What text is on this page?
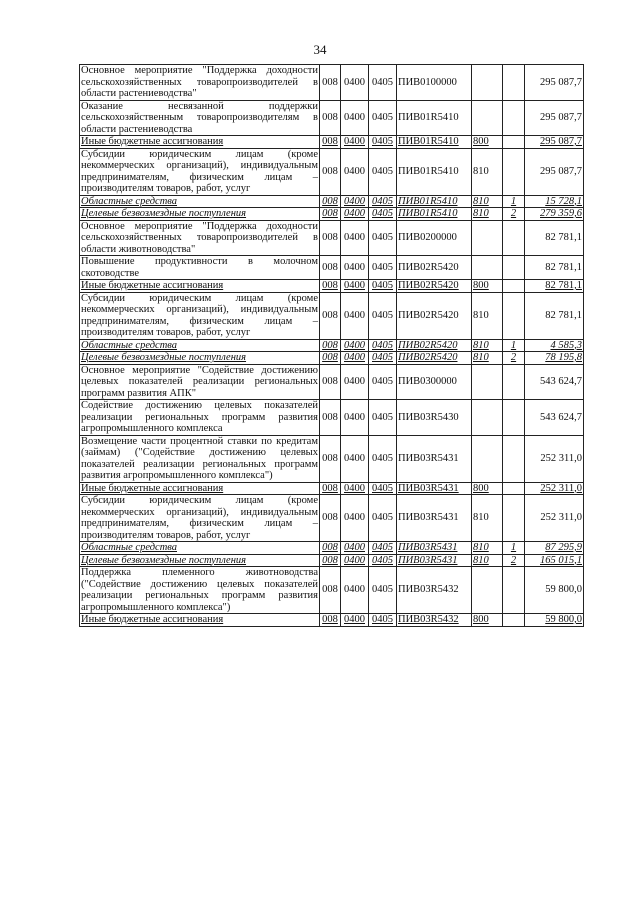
34
Основное мероприятие "Поддержка доходности сельскохозяйственных товаропроизводителей в области растениеводства"	008	0400	0405	ПИВ0100000			295 087,7
Оказание несвязанной поддержки сельскохозяйственным товаропроизводителям в области растениеводства	008	0400	0405	ПИВ01R5410			295 087,7
Иные бюджетные ассигнования	008	0400	0405	ПИВ01R5410	800		295 087,7
Субсидии юридическим лицам (кроме некоммерческих организаций), индивидуальным предпринимателям, физическим лицам – производителям товаров, работ, услуг	008	0400	0405	ПИВ01R5410	810		295 087,7
Областные средства	008	0400	0405	ПИВ01R5410	810	1	15 728,1
Целевые безвозмездные поступления	008	0400	0405	ПИВ01R5410	810	2	279 359,6
Основное мероприятие "Поддержка доходности сельскохозяйственных товаропроизводителей в области животноводства"	008	0400	0405	ПИВ0200000			82 781,1
Повышение продуктивности в молочном скотоводстве	008	0400	0405	ПИВ02R5420			82 781,1
Иные бюджетные ассигнования	008	0400	0405	ПИВ02R5420	800		82 781,1
Субсидии юридическим лицам (кроме некоммерческих организаций), индивидуальным предпринимателям, физическим лицам – производителям товаров, работ, услуг	008	0400	0405	ПИВ02R5420	810		82 781,1
Областные средства	008	0400	0405	ПИВ02R5420	810	1	4 585,3
Целевые безвозмездные поступления	008	0400	0405	ПИВ02R5420	810	2	78 195,8
Основное мероприятие "Содействие достижению целевых показателей реализации региональных программ развития АПК"	008	0400	0405	ПИВ0300000			543 624,7
Содействие достижению целевых показателей реализации региональных программ развития агропромышленного комплекса	008	0400	0405	ПИВ03R5430			543 624,7
Возмещение части процентной ставки по кредитам (займам) ("Содействие достижению целевых показателей реализации региональных программ развития агропромышленного комплекса")	008	0400	0405	ПИВ03R5431			252 311,0
Иные бюджетные ассигнования	008	0400	0405	ПИВ03R5431	800		252 311,0
Субсидии юридическим лицам (кроме некоммерческих организаций), индивидуальным предпринимателям, физическим лицам – производителям товаров, работ, услуг	008	0400	0405	ПИВ03R5431	810		252 311,0
Областные средства	008	0400	0405	ПИВ03R5431	810	1	87 295,9
Целевые безвозмездные поступления	008	0400	0405	ПИВ03R5431	810	2	165 015,1
Поддержка племенного животноводства ("Содействие достижению целевых показателей реализации региональных программ развития агропромышленного комплекса")	008	0400	0405	ПИВ03R5432			59 800,0
Иные бюджетные ассигнования	008	0400	0405	ПИВ03R5432	800		59 800,0
